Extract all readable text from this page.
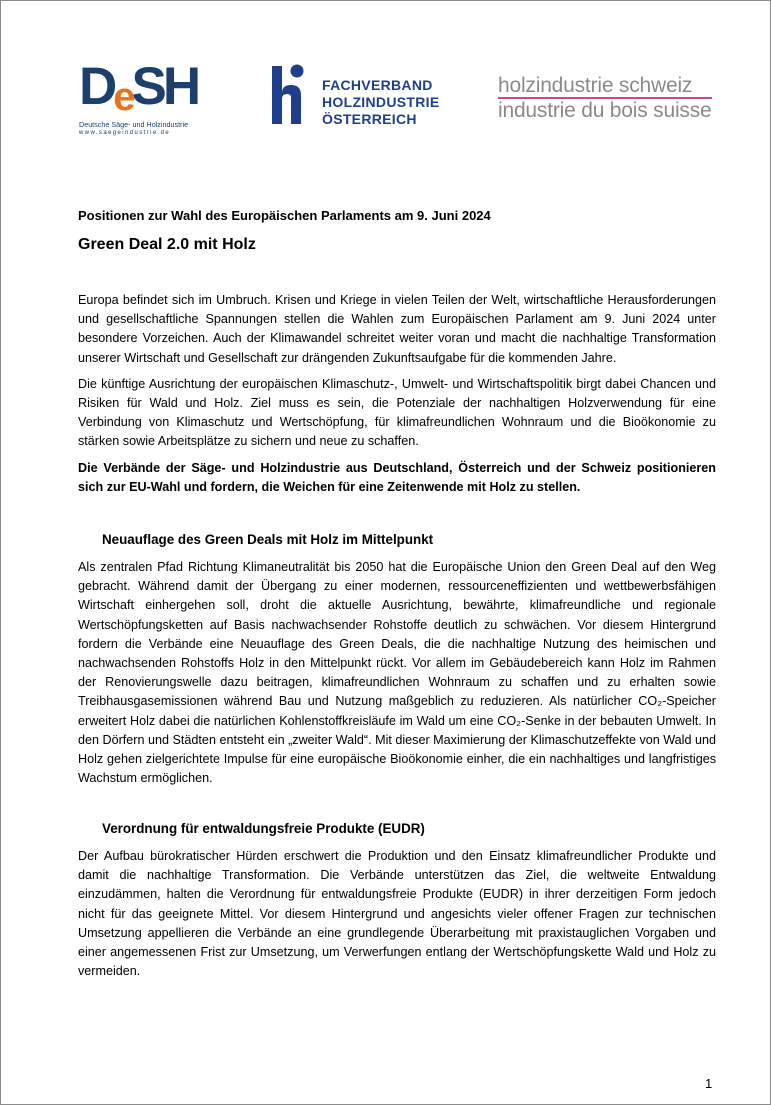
DeSH
Deutsche Säge- und Holzindustrie
www.saegeindustrie.de
FACHVERBAND
HOLZINDUSTRIE
ÖSTERREICH
holzindustrie schweiz
industrie du bois suisse
Positionen zur Wahl des Europäischen Parlaments am 9. Juni 2024
Green Deal 2.0 mit Holz

Europa befindet sich im Umbruch. Krisen und Kriege in vielen Teilen der Welt, wirtschaftliche Herausforderungen und gesellschaftliche Spannungen stellen die Wahlen zum Europäischen Parlament am 9. Juni 2024 unter besondere Vorzeichen. Auch der Klimawandel schreitet weiter voran und macht die nachhaltige Transformation unserer Wirtschaft und Gesellschaft zur drängenden Zukunftsaufgabe für die kommenden Jahre.

Die künftige Ausrichtung der europäischen Klimaschutz-, Umwelt- und Wirtschaftspolitik birgt dabei Chancen und Risiken für Wald und Holz. Ziel muss es sein, die Potenziale der nachhaltigen Holzverwendung für eine Verbindung von Klimaschutz und Wertschöpfung, für klimafreundlichen Wohnraum und die Bioökonomie zu stärken sowie Arbeitsplätze zu sichern und neue zu schaffen.

Die Verbände der Säge- und Holzindustrie aus Deutschland, Österreich und der Schweiz positionieren sich zur EU-Wahl und fordern, die Weichen für eine Zeitenwende mit Holz zu stellen.

Neuauflage des Green Deals mit Holz im Mittelpunkt

Als zentralen Pfad Richtung Klimaneutralität bis 2050 hat die Europäische Union den Green Deal auf den Weg gebracht. Während damit der Übergang zu einer modernen, ressourceneffizienten und wettbewerbsfähigen Wirtschaft einhergehen soll, droht die aktuelle Ausrichtung, bewährte, klimafreundliche und regionale Wertschöpfungsketten auf Basis nachwachsender Rohstoffe deutlich zu schwächen. Vor diesem Hintergrund fordern die Verbände eine Neuauflage des Green Deals, die die nachhaltige Nutzung des heimischen und nachwachsenden Rohstoffs Holz in den Mittelpunkt rückt. Vor allem im Gebäudebereich kann Holz im Rahmen der Renovierungswelle dazu beitragen, klimafreundlichen Wohnraum zu schaffen und zu erhalten sowie Treibhausgasemissionen während Bau und Nutzung maßgeblich zu reduzieren. Als natürlicher CO₂-Speicher erweitert Holz dabei die natürlichen Kohlenstoffkreisläufe im Wald um eine CO₂-Senke in der bebauten Umwelt. In den Dörfern und Städten entsteht ein „zweiter Wald“. Mit dieser Maximierung der Klimaschutzeffekte von Wald und Holz gehen zielgerichtete Impulse für eine europäische Bioökonomie einher, die ein nachhaltiges und langfristiges Wachstum ermöglichen.

Verordnung für entwaldungsfreie Produkte (EUDR)

Der Aufbau bürokratischer Hürden erschwert die Produktion und den Einsatz klimafreundlicher Produkte und damit die nachhaltige Transformation. Die Verbände unterstützen das Ziel, die weltweite Entwaldung einzudämmen, halten die Verordnung für entwaldungsfreie Produkte (EUDR) in ihrer derzeitigen Form jedoch nicht für das geeignete Mittel. Vor diesem Hintergrund und angesichts vieler offener Fragen zur technischen Umsetzung appellieren die Verbände an eine grundlegende Überarbeitung mit praxistauglichen Vorgaben und einer angemessenen Frist zur Umsetzung, um Verwerfungen entlang der Wertschöpfungskette Wald und Holz zu vermeiden.

1
